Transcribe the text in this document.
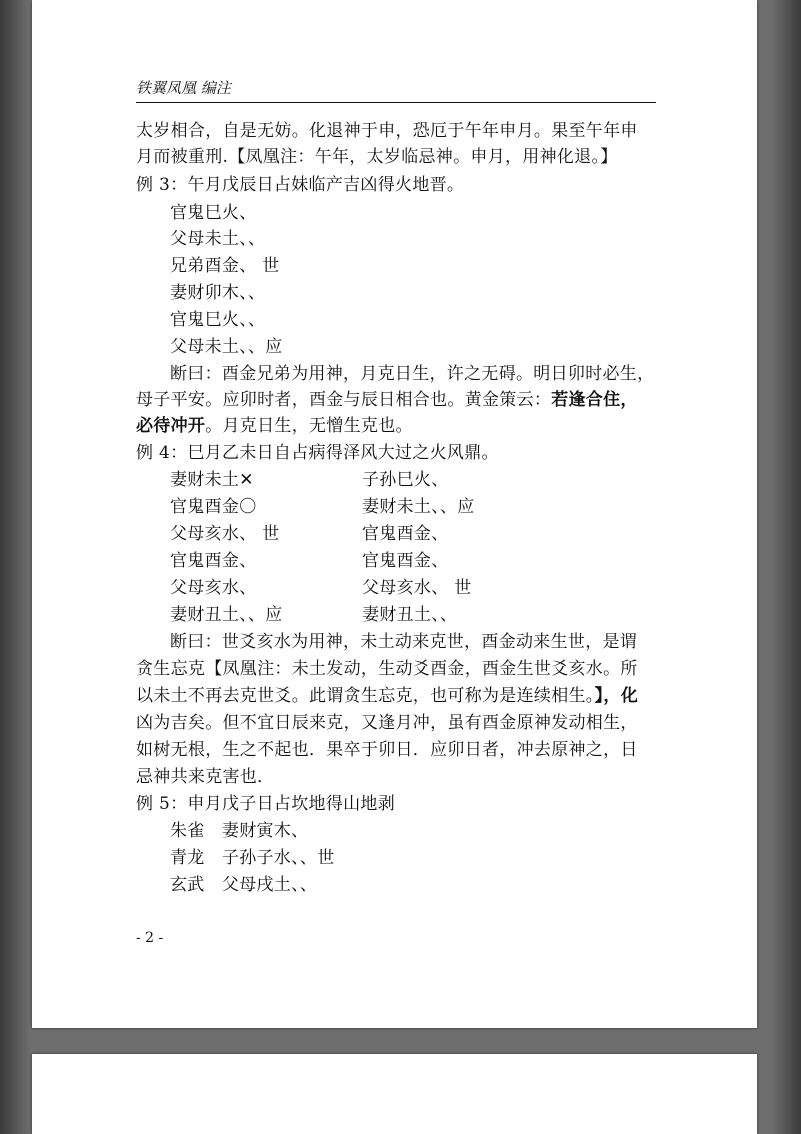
铁翼凤凰 编注
太岁相合，自是无妨。化退神于申，恐厄于午年申月。果至午年申
月而被重刑.【凤凰注：午年，太岁临忌神。申月，用神化退。】
例 3：午月戊辰日占妹临产吉凶得火地晋。
官鬼巳火、
父母未土、、
兄弟酉金、 世
妻财卯木、、
官鬼巳火、、
父母未土、、应
断曰：酉金兄弟为用神，月克日生，许之无碍。明日卯时必生，
母子平安。应卯时者，酉金与辰日相合也。黄金策云：若逢合住，
必待冲开。月克日生，无憎生克也。
例 4：巳月乙未日自占病得泽风大过之火风鼎。
妻财未土✕	子孙巳火、
官鬼酉金〇	妻财未土、、应
父母亥水、 世	官鬼酉金、
官鬼酉金、	官鬼酉金、
父母亥水、	父母亥水、 世
妻财丑土、、应	妻财丑土、、
断曰：世爻亥水为用神，未土动来克世，酉金动来生世，是谓
贪生忘克【凤凰注：未土发动，生动爻酉金，酉金生世爻亥水。所
以未土不再去克世爻。此谓贪生忘克，也可称为是连续相生。】，化
凶为吉矣。但不宜日辰来克，又逢月冲，虽有酉金原神发动相生，
如树无根，生之不起也．果卒于卯日．应卯日者，冲去原神之，日
忌神共来克害也．
例 5：申月戊子日占坎地得山地剥
朱雀　妻财寅木、
青龙　子孙子水、、世
玄武　父母戌土、、
- 2 -
